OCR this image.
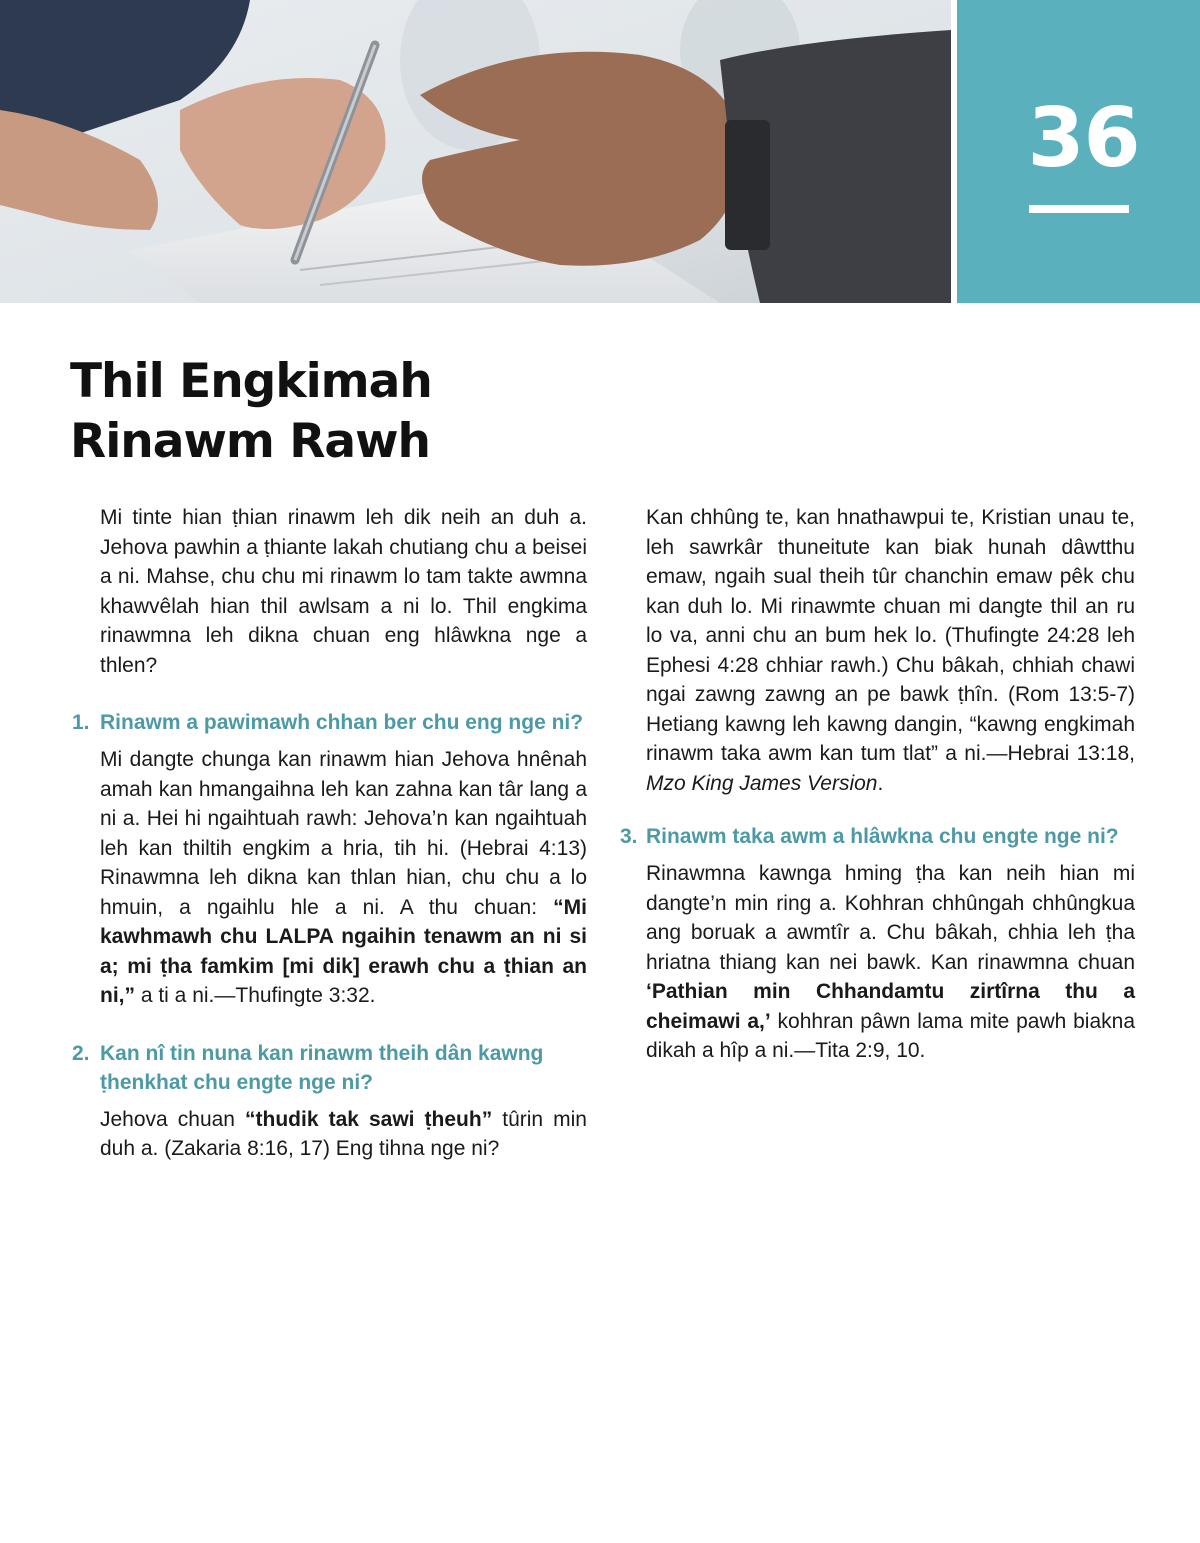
36
Thil Engkimah Rinawm Rawh

Mi tinte hian ṭhian rinawm leh dik neih an duh a. Jehova pawhin a ṭhiante lakah chutiang chu a beisei a ni. Mahse, chu chu mi rinawm lo tam takte awmna khawvêlah hian thil awlsam a ni lo. Thil engkima rinawmna leh dikna chuan eng hlâwkna nge a thlen?

1. Rinawm a pawimawh chhan ber chu eng nge ni?

Mi dangte chunga kan rinawm hian Jehova hnênah amah kan hmangaihna leh kan zahna kan târ lang a ni a. Hei hi ngaihtuah rawh: Jehova’n kan ngaihtuah leh kan thiltih engkim a hria, tih hi. (Hebrai 4:13) Rinawmna leh dikna kan thlan hian, chu chu a lo hmuin, a ngaihlu hle a ni. A thu chuan: “Mi kawhmawh chu LALPA ngaihin tenawm an ni si a; mi ṭha famkim [mi dik] erawh chu a ṭhian an ni,” a ti a ni.—Thufingte 3:32.

2. Kan nî tin nuna kan rinawm theih dân kawng ṭhenkhat chu engte nge ni?

Jehova chuan “thudik tak sawi ṭheuh” tûrin min duh a. (Zakaria 8:16, 17) Eng tihna nge ni?

Kan chhûng te, kan hnathawpui te, Kristian unau te, leh sawrkâr thuneitute kan biak hunah dâwtthu emaw, ngaih sual theih tûr chanchin emaw pêk chu kan duh lo. Mi rinawmte chuan mi dangte thil an ru lo va, anni chu an bum hek lo. (Thufingte 24:28 leh Ephesi 4:28 chhiar rawh.) Chu bâkah, chhiah chawi ngai zawng zawng an pe bawk ṭhîn. (Rom 13:5-7) Hetiang kawng leh kawng dangin, “kawng engkimah rinawm taka awm kan tum tlat” a ni.—Hebrai 13:18, Mzo King James Version.

3. Rinawm taka awm a hlâwkna chu engte nge ni?

Rinawmna kawnga hming ṭha kan neih hian mi dangte’n min ring a. Kohhran chhûngah chhûngkua ang boruak a awmtîr a. Chu bâkah, chhia leh ṭha hriatna thiang kan nei bawk. Kan rinawmna chuan ‘Pathian min Chhandamtu zirtîrna thu a cheimawi a,’ kohhran pâwn lama mite pawh biakna dikah a hîp a ni.—Tita 2:9, 10.
